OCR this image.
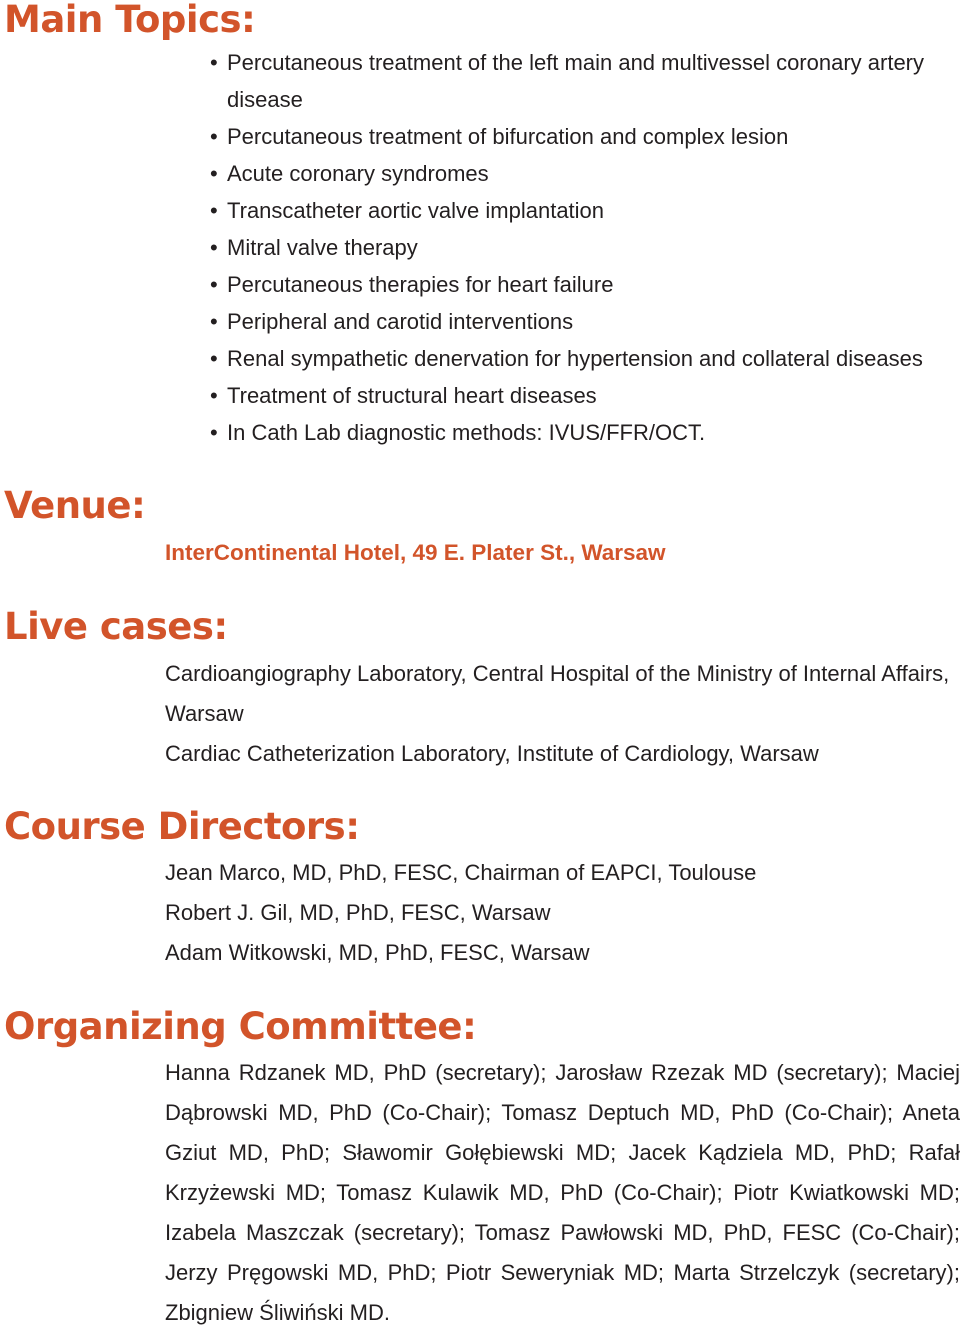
Main Topics:
• Percutaneous treatment of the left main and multivessel coronary artery disease
• Percutaneous treatment of bifurcation and complex lesion
• Acute coronary syndromes
• Transcatheter aortic valve implantation
• Mitral valve therapy
• Percutaneous therapies for heart failure
• Peripheral and carotid interventions
• Renal sympathetic denervation for hypertension and collateral diseases
• Treatment of structural heart diseases
• In Cath Lab diagnostic methods: IVUS/FFR/OCT.
Venue:

InterContinental Hotel, 49 E. Plater St., Warsaw

Live cases:

Cardioangiography Laboratory, Central Hospital of the Ministry of Internal Affairs, Warsaw

Cardiac Catheterization Laboratory, Institute of Cardiology, Warsaw

Course Directors:

Jean Marco, MD, PhD, FESC, Chairman of EAPCI, Toulouse

Robert J. Gil, MD, PhD, FESC, Warsaw

Adam Witkowski, MD, PhD, FESC, Warsaw

Organizing Committee:

Hanna Rdzanek MD, PhD (secretary); Jarosław Rzezak MD (secretary); Maciej Dąbrowski MD, PhD (Co-Chair); Tomasz Deptuch MD, PhD (Co-Chair); Aneta Gziut MD, PhD; Sławomir Gołębiewski MD; Jacek Kądziela MD, PhD; Rafał Krzyżewski MD; Tomasz Kulawik MD, PhD (Co-Chair); Piotr Kwiatkowski MD; Izabela Maszczak (secretary); Tomasz Pawłowski MD, PhD, FESC (Co-Chair); Jerzy Pręgowski MD, PhD; Piotr Seweryniak MD; Marta Strzelczyk (secretary); Zbigniew Śliwiński MD.
